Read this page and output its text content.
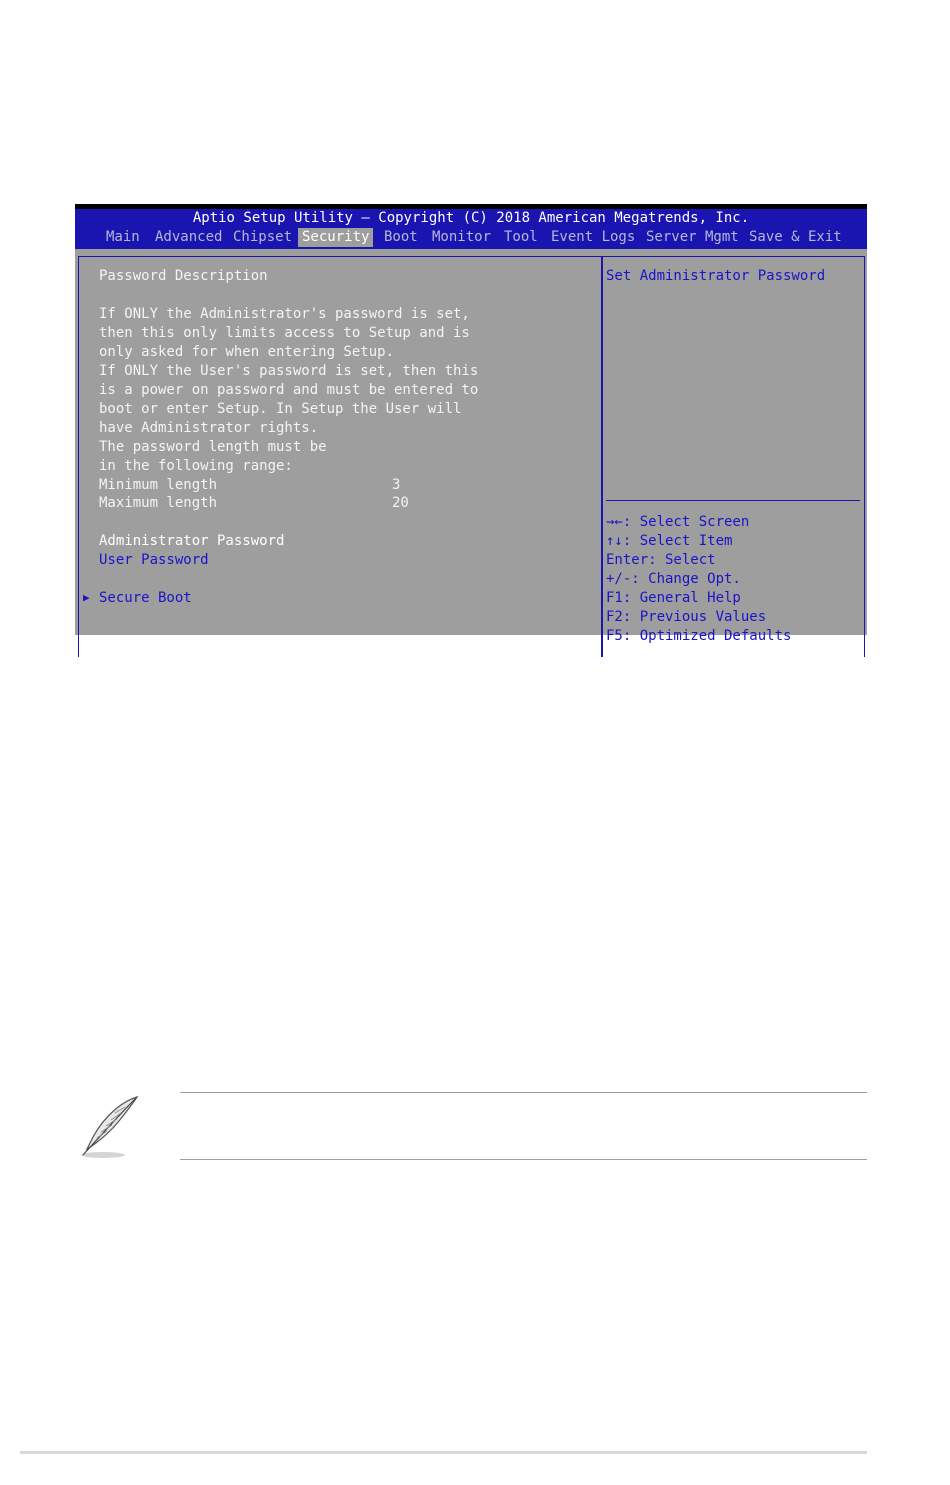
Aptio Setup Utility – Copyright (C) 2018 American Megatrends, Inc.
Main Advanced Chipset Security Boot Monitor Tool Event Logs Server Mgmt Save & Exit
Password Description
If ONLY the Administrator's password is set,
then this only limits access to Setup and is
only asked for when entering Setup.
If ONLY the User's password is set, then this
is a power on password and must be entered to
boot or enter Setup. In Setup the User will
have Administrator rights.
The password length must be
in the following range:
Minimum length	3
Maximum length	20
Administrator Password
User Password
▶ Secure Boot
Set Administrator Password
→←: Select Screen
↑↓: Select Item
Enter: Select
+/-: Change Opt.
F1: General Help
F2: Previous Values
F5: Optimized Defaults
